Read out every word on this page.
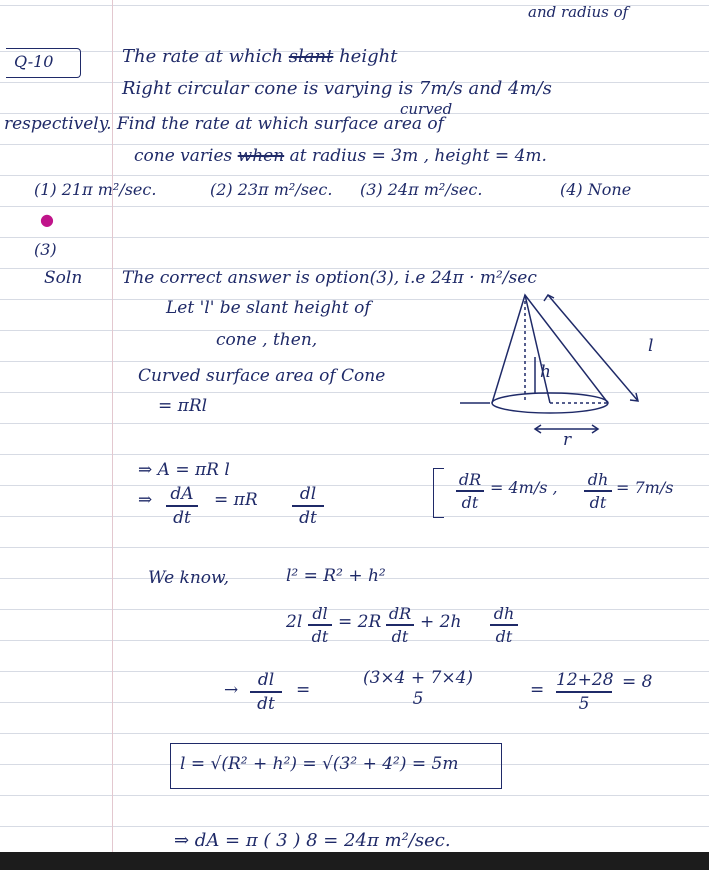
and radius of
Q-10	The rate at which slant height
Right circular cone is varying is 7m/s and 4m/s
curved
respectively. Find the rate at which surface area of
cone varies when at radius = 3m , height = 4m.
(1) 21π m²/sec.	(2) 23π m²/sec. (3) 24π m²/sec.	(4) None
●
(3)
Soln The correct answer is option(3), i.e 24π · m²/sec
Let 'l' be slant height of
cone , then,
Curved surface area of Cone
= πRl
h
l
r
⇒ A = πR l
⇒ dA
dt
= πR	dl
dt
dR
dt
= 4m/s , dh
dt
= 7m/s
We know,	l² = R² + h²
2l dl
dt
= 2R dR
dt
+ 2h dh
dt
→	dl
dt
=
(3×4 + 7×4)
5	= 12+28
5
= 8
l = √(R² + h²) = √(3² + 4²) = 5m
⇒ dA = π ( 3 ) 8 = 24π m²/sec.
